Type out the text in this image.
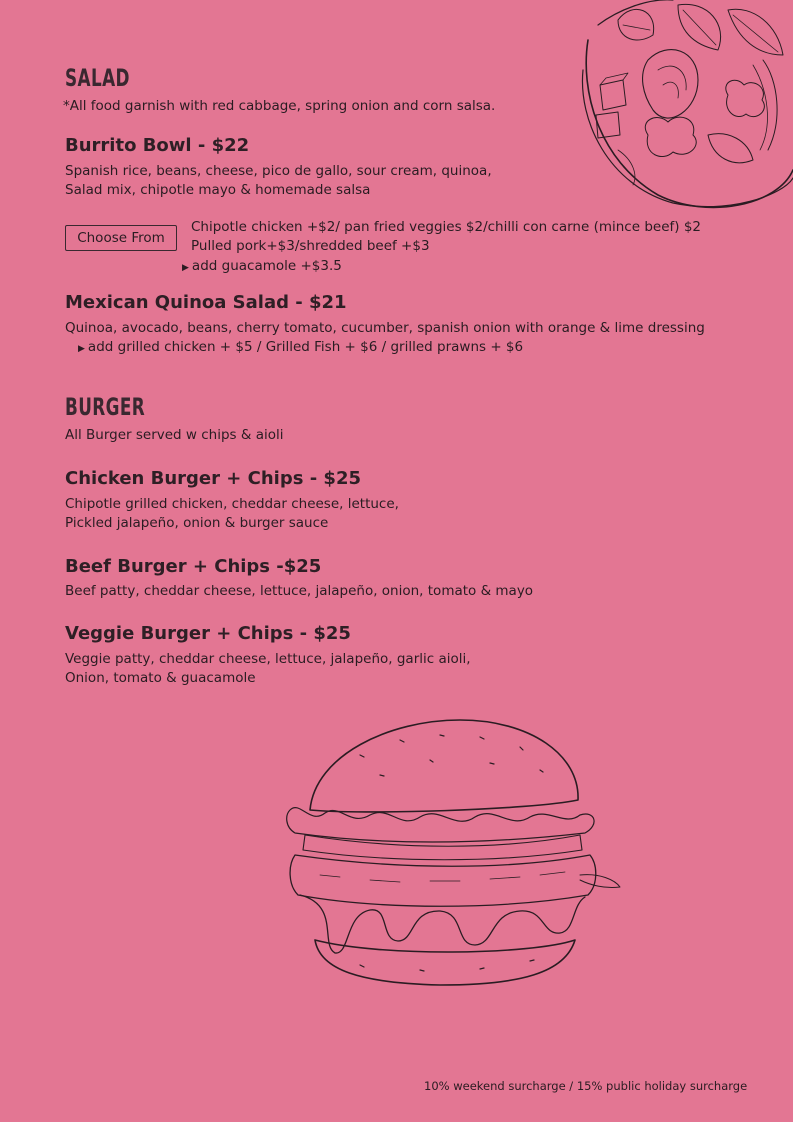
SALAD
*All food garnish with red cabbage, spring onion and corn salsa.
Burrito Bowl - $22
Spanish rice, beans, cheese, pico de gallo, sour cream, quinoa,
Salad mix, chipotle mayo & homemade salsa
Choose From
Chipotle chicken +$2/ pan fried veggies $2/chilli con carne (mince beef) $2
Pulled pork+$3/shredded beef +$3
▶ add guacamole +$3.5
Mexican Quinoa Salad - $21
Quinoa, avocado, beans, cherry tomato, cucumber, spanish onion with orange & lime dressing
▶ add grilled chicken + $5 / Grilled Fish + $6 / grilled prawns + $6
BURGER
All Burger served w chips & aioli
Chicken Burger + Chips - $25
Chipotle grilled chicken, cheddar cheese, lettuce,
Pickled jalapeño, onion & burger sauce
Beef Burger + Chips -$25
Beef patty, cheddar cheese, lettuce, jalapeño, onion, tomato & mayo
Veggie Burger + Chips - $25
Veggie patty, cheddar cheese, lettuce, jalapeño, garlic aioli,
Onion, tomato & guacamole
10% weekend surcharge / 15% public holiday surcharge
